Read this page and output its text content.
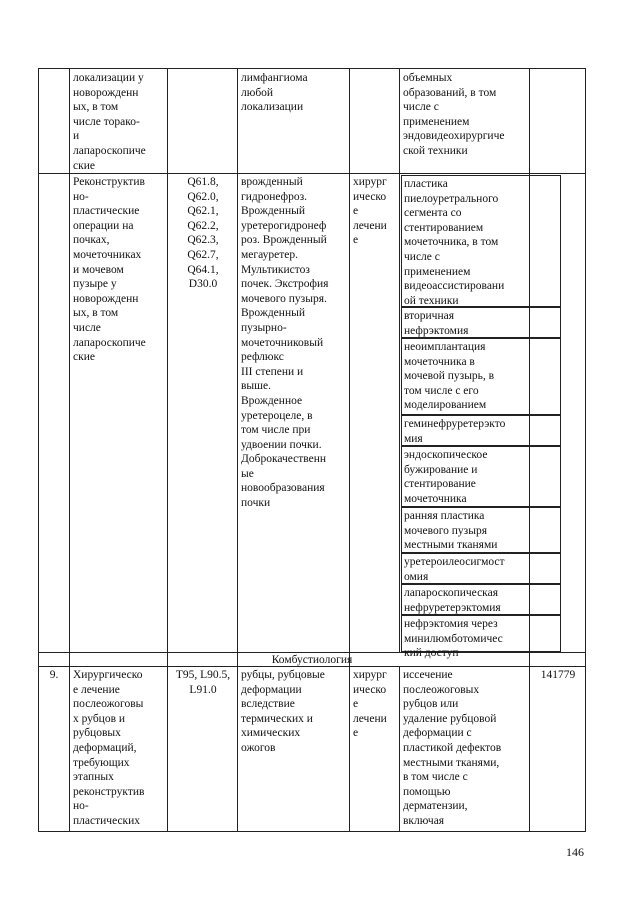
локализации у
новорожденн
ых, в том
числе торако-
и
лапароскопиче
ские
лимфангиома
любой
локализации
объемных
образований, в том
числе с
применением
эндовидеохирургиче
ской техники
Реконструктив
но-
пластические
операции на
почках,
мочеточниках
и мочевом
пузыре у
новорожденн
ых, в том
числе
лапароскопиче
ские
Q61.8,
Q62.0,
Q62.1,
Q62.2,
Q62.3,
Q62.7,
Q64.1,
D30.0
врожденный
гидронефроз.
Врожденный
уретерогидронеф
роз. Врожденный
мегауретер.
Мультикистоз
почек. Экстрофия
мочевого пузыря.
Врожденный
пузырно-
мочеточниковый
рефлюкс
III степени и
выше.
Врожденное
уретероцеле, в
том числе при
удвоении почки.
Доброкачественн
ые
новообразования
почки
хирург
ическо
е
лечени
е
пластика
пиелоуретрального
сегмента со
стентированием
мочеточника, в том
числе с
применением
видеоассистировани
ой техники
вторичная
нефрэктомия
неоимплантация
мочеточника в
мочевой пузырь, в
том числе с его
моделированием
геминефруретерэкто
мия
эндоскопическое
бужирование и
стентирование
мочеточника
ранняя пластика
мочевого пузыря
местными тканями
уретероилеосигмост
омия
лапароскопическая
нефруретерэктомия
нефрэктомия через
минилюмботомичес
кий доступ
Комбустиология
9.	Хирургическо
е лечение
послеожоговы
х рубцов и
рубцовых
деформаций,
требующих
этапных
реконструктив
но-
пластических
T95, L90.5,
L91.0
рубцы, рубцовые
деформации
вследствие
термических и
химических
ожогов
хирург
ическо
е
лечени
е
иссечение
послеожоговых
рубцов или
удаление рубцовой
деформации с
пластикой дефектов
местными тканями,
в том числе с
помощью
дерматензии,
включая
141779
146
